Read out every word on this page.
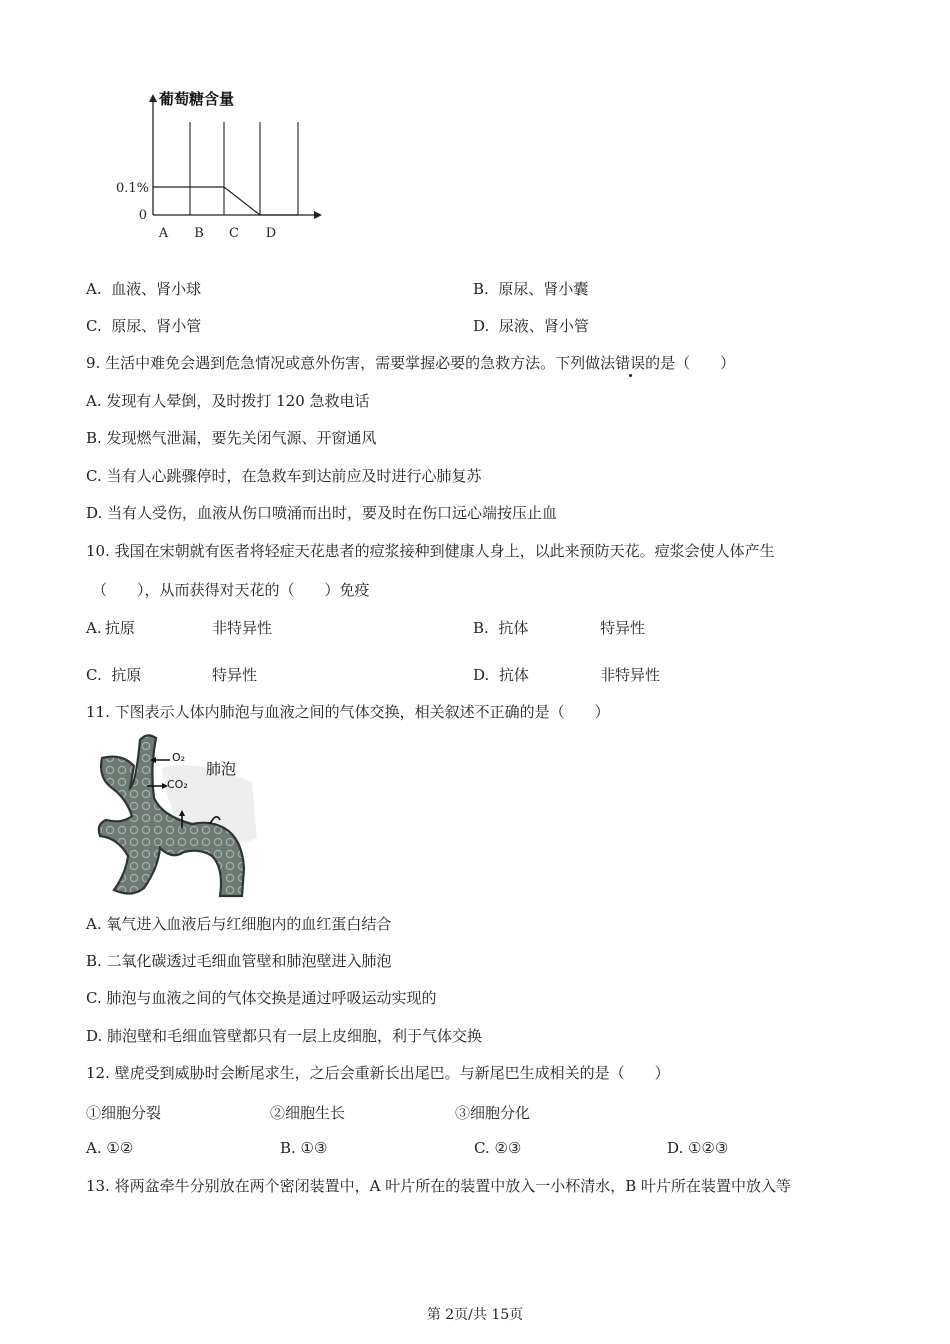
葡萄糖含量
0.1%
0
A B C D
A. 血液、肾小球	B. 原尿、肾小囊
C. 原尿、肾小管	D. 尿液、肾小管
9. 生活中难免会遇到危急情况或意外伤害，需要掌握必要的急救方法。下列做法错误的是（　　）
A. 发现有人晕倒，及时拨打 120 急救电话
B. 发现燃气泄漏，要先关闭气源、开窗通风
C. 当有人心跳骤停时，在急救车到达前应及时进行心肺复苏
D. 当有人受伤，血液从伤口喷涌而出时，要及时在伤口远心端按压止血
10. 我国在宋朝就有医者将轻症天花患者的痘浆接种到健康人身上，以此来预防天花。痘浆会使人体产生
（　　），从而获得对天花的（　　）免疫
A. 抗原	非特异性	B. 抗体	特异性
C. 抗原	特异性	D. 抗体	非特异性
11. 下图表示人体内肺泡与血液之间的气体交换，相关叙述不正确的是（　　）
O₂
CO₂
肺泡
A. 氧气进入血液后与红细胞内的血红蛋白结合
B. 二氧化碳透过毛细血管壁和肺泡壁进入肺泡
C. 肺泡与血液之间的气体交换是通过呼吸运动实现的
D. 肺泡壁和毛细血管壁都只有一层上皮细胞，利于气体交换
12. 壁虎受到威胁时会断尾求生，之后会重新长出尾巴。与新尾巴生成相关的是（　　）
①细胞分裂	②细胞生长	③细胞分化
A. ①②	B. ①③	C. ②③	D. ①②③
13. 将两盆牵牛分别放在两个密闭装置中，A 叶片所在的装置中放入一小杯清水，B 叶片所在装置中放入等
第 2页/共 15页
